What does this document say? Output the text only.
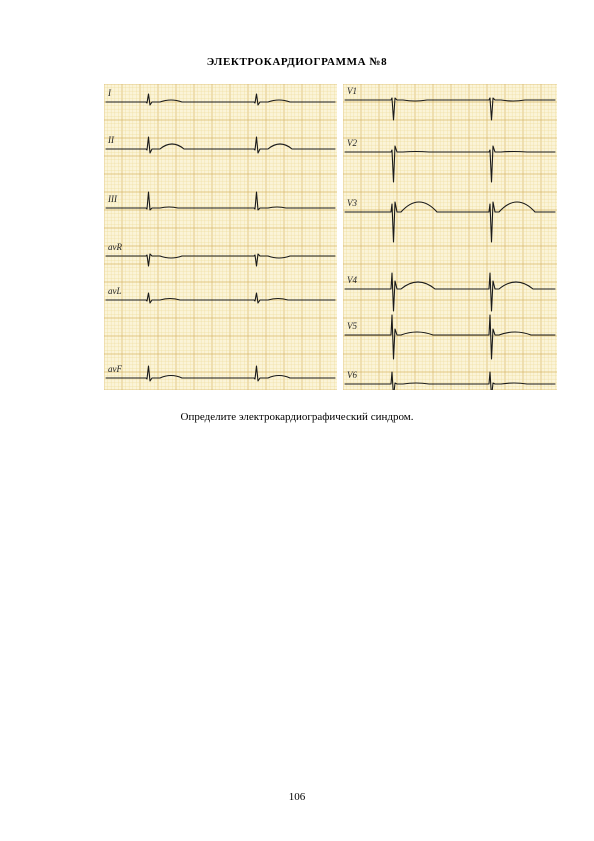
ЭЛЕКТРОКАРДИОГРАММА №8
I
II
III
avR
avL
avF
V1
V2
V3
V4
V5
V6
Определите электрокардиографический синдром.
106
